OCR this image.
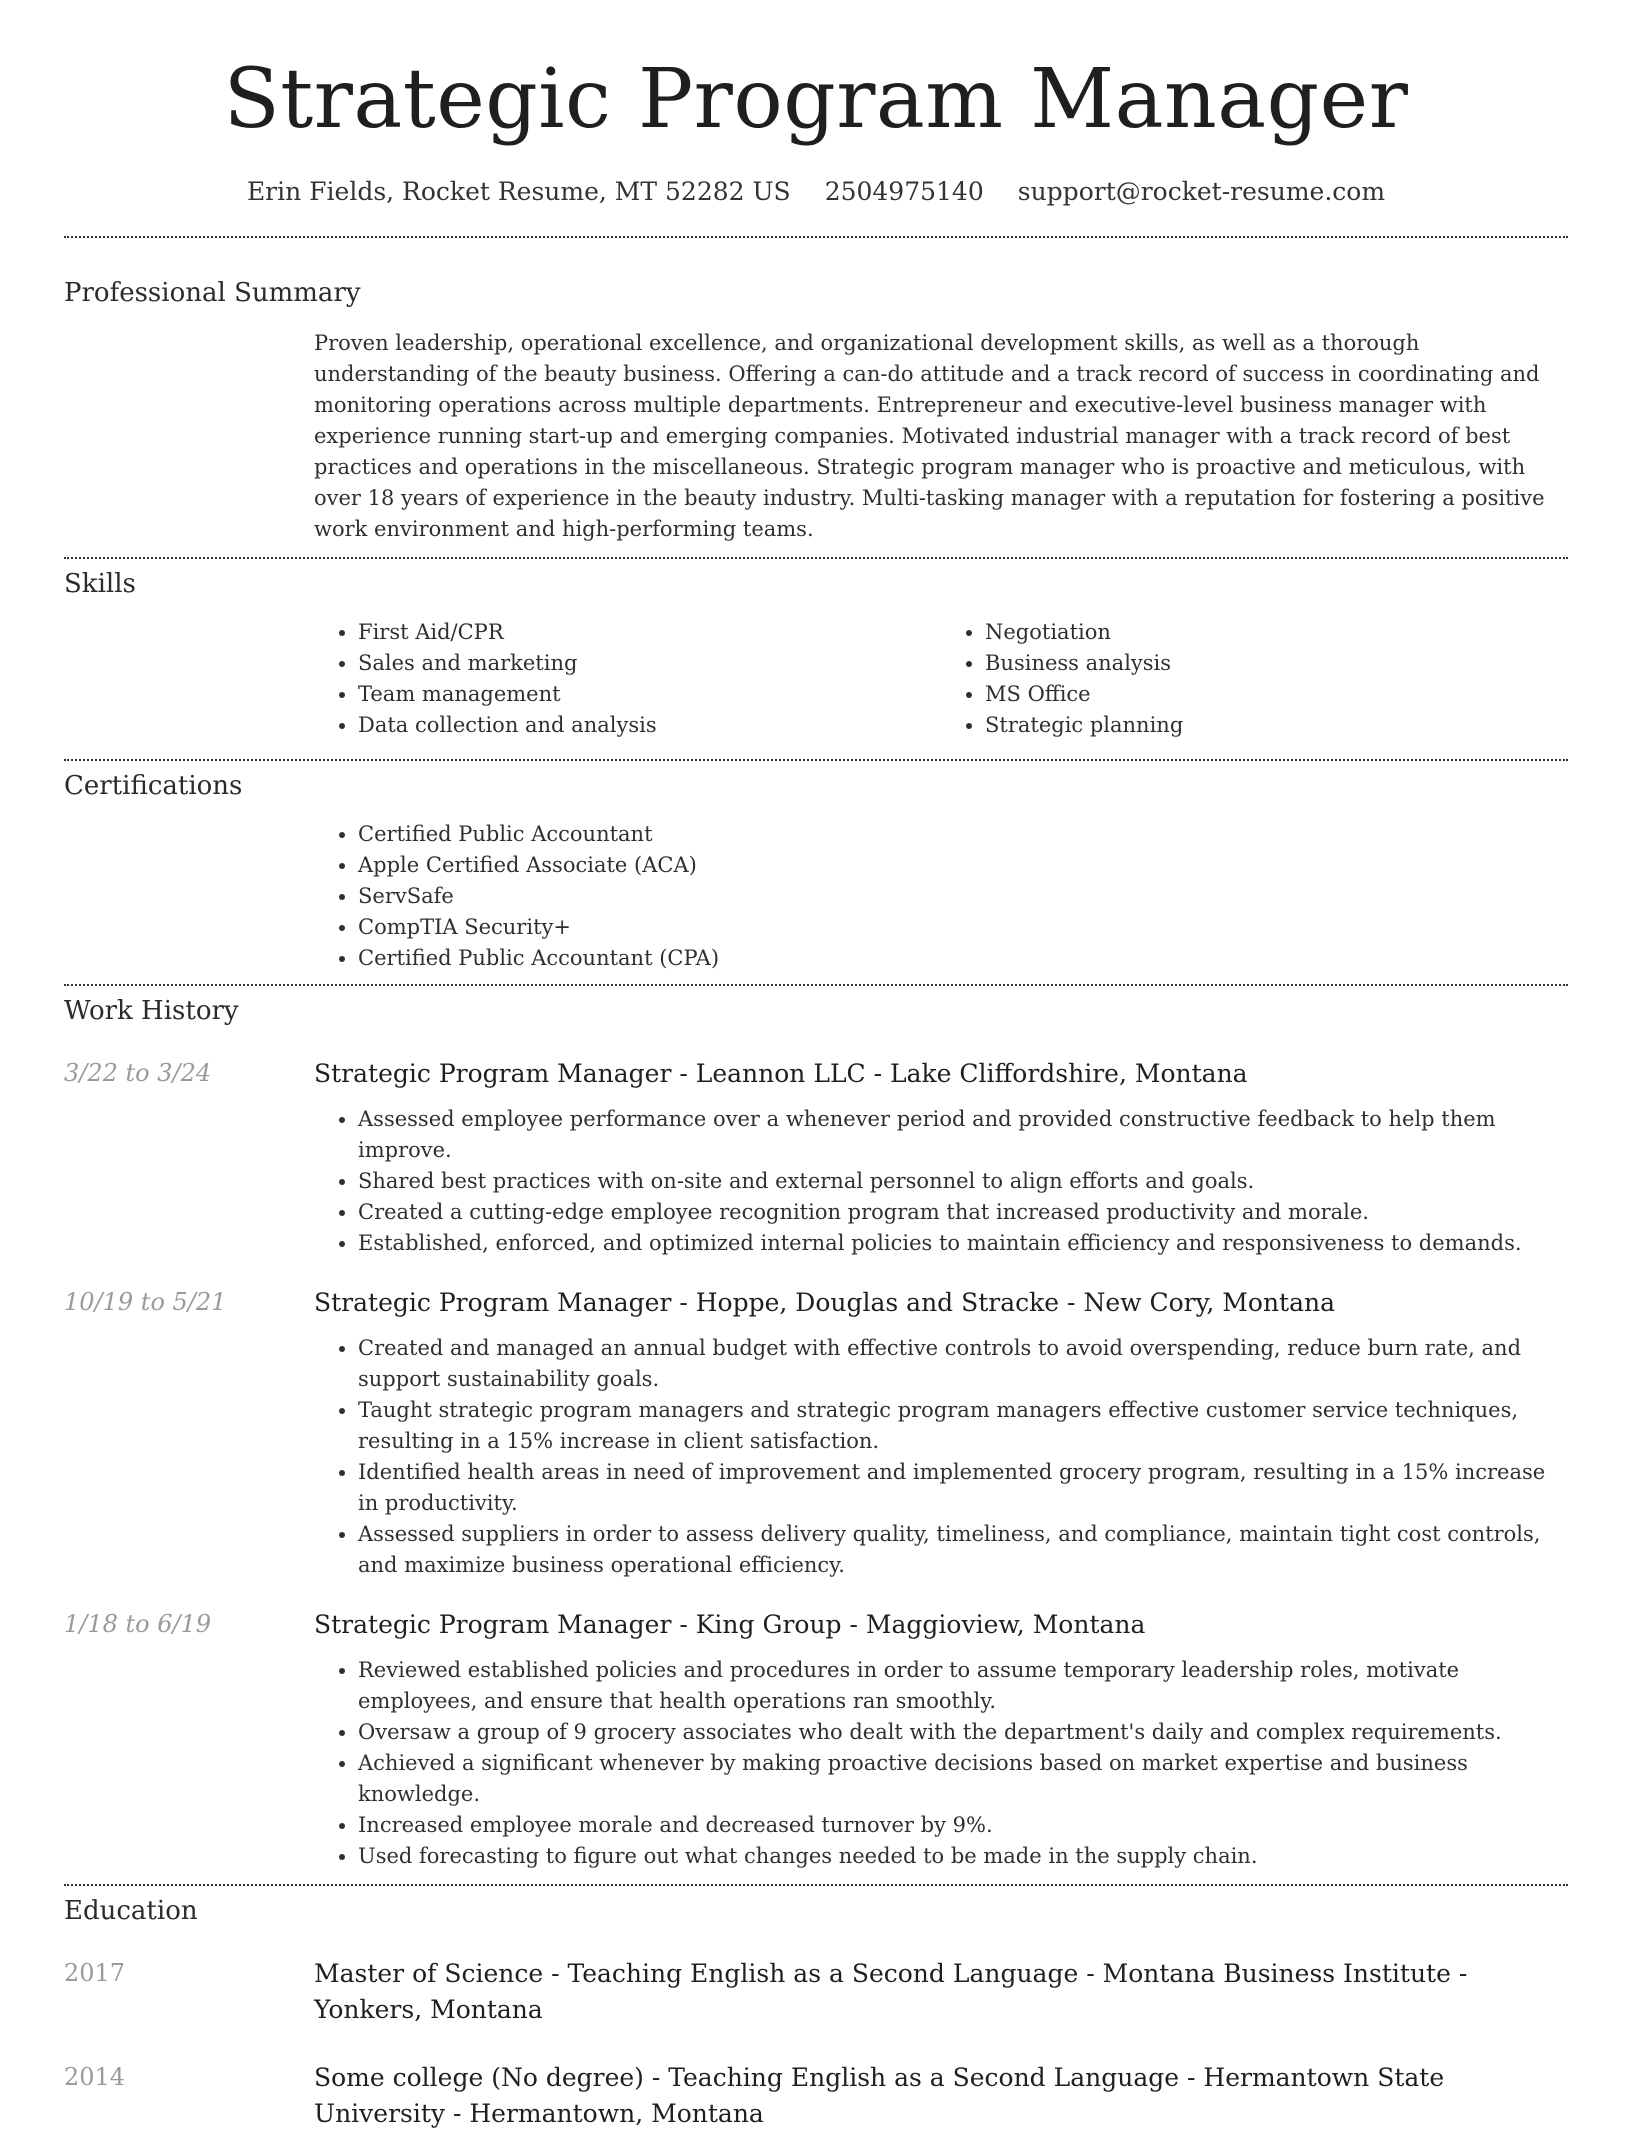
Strategic Program Manager
Erin Fields, Rocket Resume, MT 52282 US 2504975140 support@rocket-resume.com
Professional Summary
Proven leadership, operational excellence, and organizational development skills, as well as a thorough understanding of the beauty business. Offering a can-do attitude and a track record of success in coordinating and monitoring operations across multiple departments. Entrepreneur and executive-level business manager with experience running start-up and emerging companies. Motivated industrial manager with a track record of best practices and operations in the miscellaneous. Strategic program manager who is proactive and meticulous, with over 18 years of experience in the beauty industry. Multi-tasking manager with a reputation for fostering a positive work environment and high-performing teams.
Skills
• First Aid/CPR
• Sales and marketing
• Team management
• Data collection and analysis
• Negotiation
• Business analysis
• MS Office
• Strategic planning
Certifications
• Certified Public Accountant
• Apple Certified Associate (ACA)
• ServSafe
• CompTIA Security+
• Certified Public Accountant (CPA)
Work History
3/22 to 3/24	Strategic Program Manager - Leannon LLC - Lake Cliffordshire, Montana
• Assessed employee performance over a whenever period and provided constructive feedback to help them improve.
• Shared best practices with on-site and external personnel to align efforts and goals.
• Created a cutting-edge employee recognition program that increased productivity and morale.
• Established, enforced, and optimized internal policies to maintain efficiency and responsiveness to demands.
10/19 to 5/21	Strategic Program Manager - Hoppe, Douglas and Stracke - New Cory, Montana
• Created and managed an annual budget with effective controls to avoid overspending, reduce burn rate, and support sustainability goals.
• Taught strategic program managers and strategic program managers effective customer service techniques, resulting in a 15% increase in client satisfaction.
• Identified health areas in need of improvement and implemented grocery program, resulting in a 15% increase in productivity.
• Assessed suppliers in order to assess delivery quality, timeliness, and compliance, maintain tight cost controls, and maximize business operational efficiency.
1/18 to 6/19	Strategic Program Manager - King Group - Maggioview, Montana
• Reviewed established policies and procedures in order to assume temporary leadership roles, motivate employees, and ensure that health operations ran smoothly.
• Oversaw a group of 9 grocery associates who dealt with the department's daily and complex requirements.
• Achieved a significant whenever by making proactive decisions based on market expertise and business knowledge.
• Increased employee morale and decreased turnover by 9%.
• Used forecasting to figure out what changes needed to be made in the supply chain.
Education
2017	Master of Science - Teaching English as a Second Language - Montana Business Institute - Yonkers, Montana
2014	Some college (No degree) - Teaching English as a Second Language - Hermantown State University - Hermantown, Montana
